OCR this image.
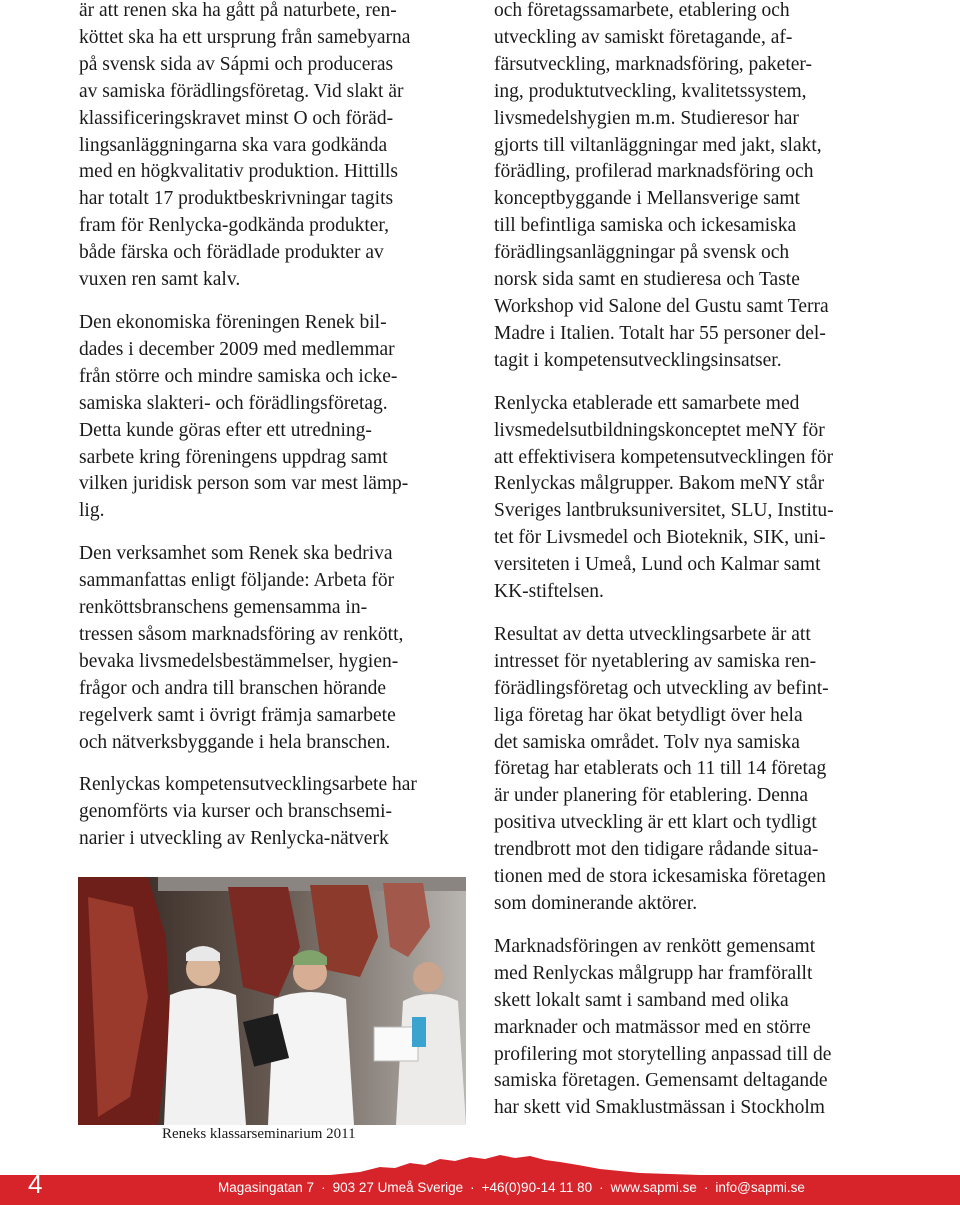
är att renen ska ha gått på naturbete, ren-
köttet ska ha ett ursprung från samebyarna
på svensk sida av Sápmi och produceras
av samiska förädlingsföretag. Vid slakt är
klassificeringskravet minst O och föräd-
lingsanläggningarna ska vara godkända
med en högkvalitativ produktion. Hittills
har totalt 17 produktbeskrivningar tagits
fram för Renlycka-godkända produkter,
både färska och förädlade produkter av
vuxen ren samt kalv.

Den ekonomiska föreningen Renek bil-
dades i december 2009 med medlemmar
från större och mindre samiska och icke-
samiska slakteri- och förädlingsföretag.
Detta kunde göras efter ett utredning-
sarbete kring föreningens uppdrag samt
vilken juridisk person som var mest lämp-
lig.

Den verksamhet som Renek ska bedriva
sammanfattas enligt följande: Arbeta för
renköttsbranschens gemensamma in-
tressen såsom marknadsföring av renkött,
bevaka livsmedelsbestämmelser, hygien-
frågor och andra till branschen hörande
regelverk samt i övrigt främja samarbete
och nätverksbyggande i hela branschen.

Renlyckas kompetensutvecklingsarbete har
genomförts via kurser och branschsemi-
narier i utveckling av Renlycka-nätverk

och företagssamarbete, etablering och
utveckling av samiskt företagande, af-
färsutveckling, marknadsföring, paketer-
ing, produktutveckling, kvalitetssystem,
livsmedelshygien m.m. Studieresor har
gjorts till viltanläggningar med jakt, slakt,
förädling, profilerad marknadsföring och
konceptbyggande i Mellansverige samt
till befintliga samiska och ickesamiska
förädlingsanläggningar på svensk och
norsk sida samt en studieresa och Taste
Workshop vid Salone del Gustu samt Terra
Madre i Italien. Totalt har 55 personer del-
tagit i kompetensutvecklingsinsatser.

Renlycka etablerade ett samarbete med
livsmedelsutbildningskonceptet meNY för
att effektivisera kompetensutvecklingen för
Renlyckas målgrupper. Bakom meNY står
Sveriges lantbruksuniversitet, SLU, Institu-
tet för Livsmedel och Bioteknik, SIK, uni-
versiteten i Umeå, Lund och Kalmar samt
KK-stiftelsen.

Resultat av detta utvecklingsarbete är att
intresset för nyetablering av samiska ren-
förädlingsföretag och utveckling av befint-
liga företag har ökat betydligt över hela
det samiska området. Tolv nya samiska
företag har etablerats och 11 till 14 företag
är under planering för etablering. Denna
positiva utveckling är ett klart och tydligt
trendbrott mot den tidigare rådande situa-
tionen med de stora ickesamiska företagen
som dominerande aktörer.

Marknadsföringen av renkött gemensamt
med Renlyckas målgrupp har framförallt
skett lokalt samt i samband med olika
marknader och matmässor med en större
profilering mot storytelling anpassad till de
samiska företagen. Gemensamt deltagande
har skett vid Smaklustmässan i Stockholm

Reneks klassarseminarium 2011
4	Magasingatan 7 · 903 27 Umeå Sverige · +46(0)90-14 11 80 · www.sapmi.se · info@sapmi.se
